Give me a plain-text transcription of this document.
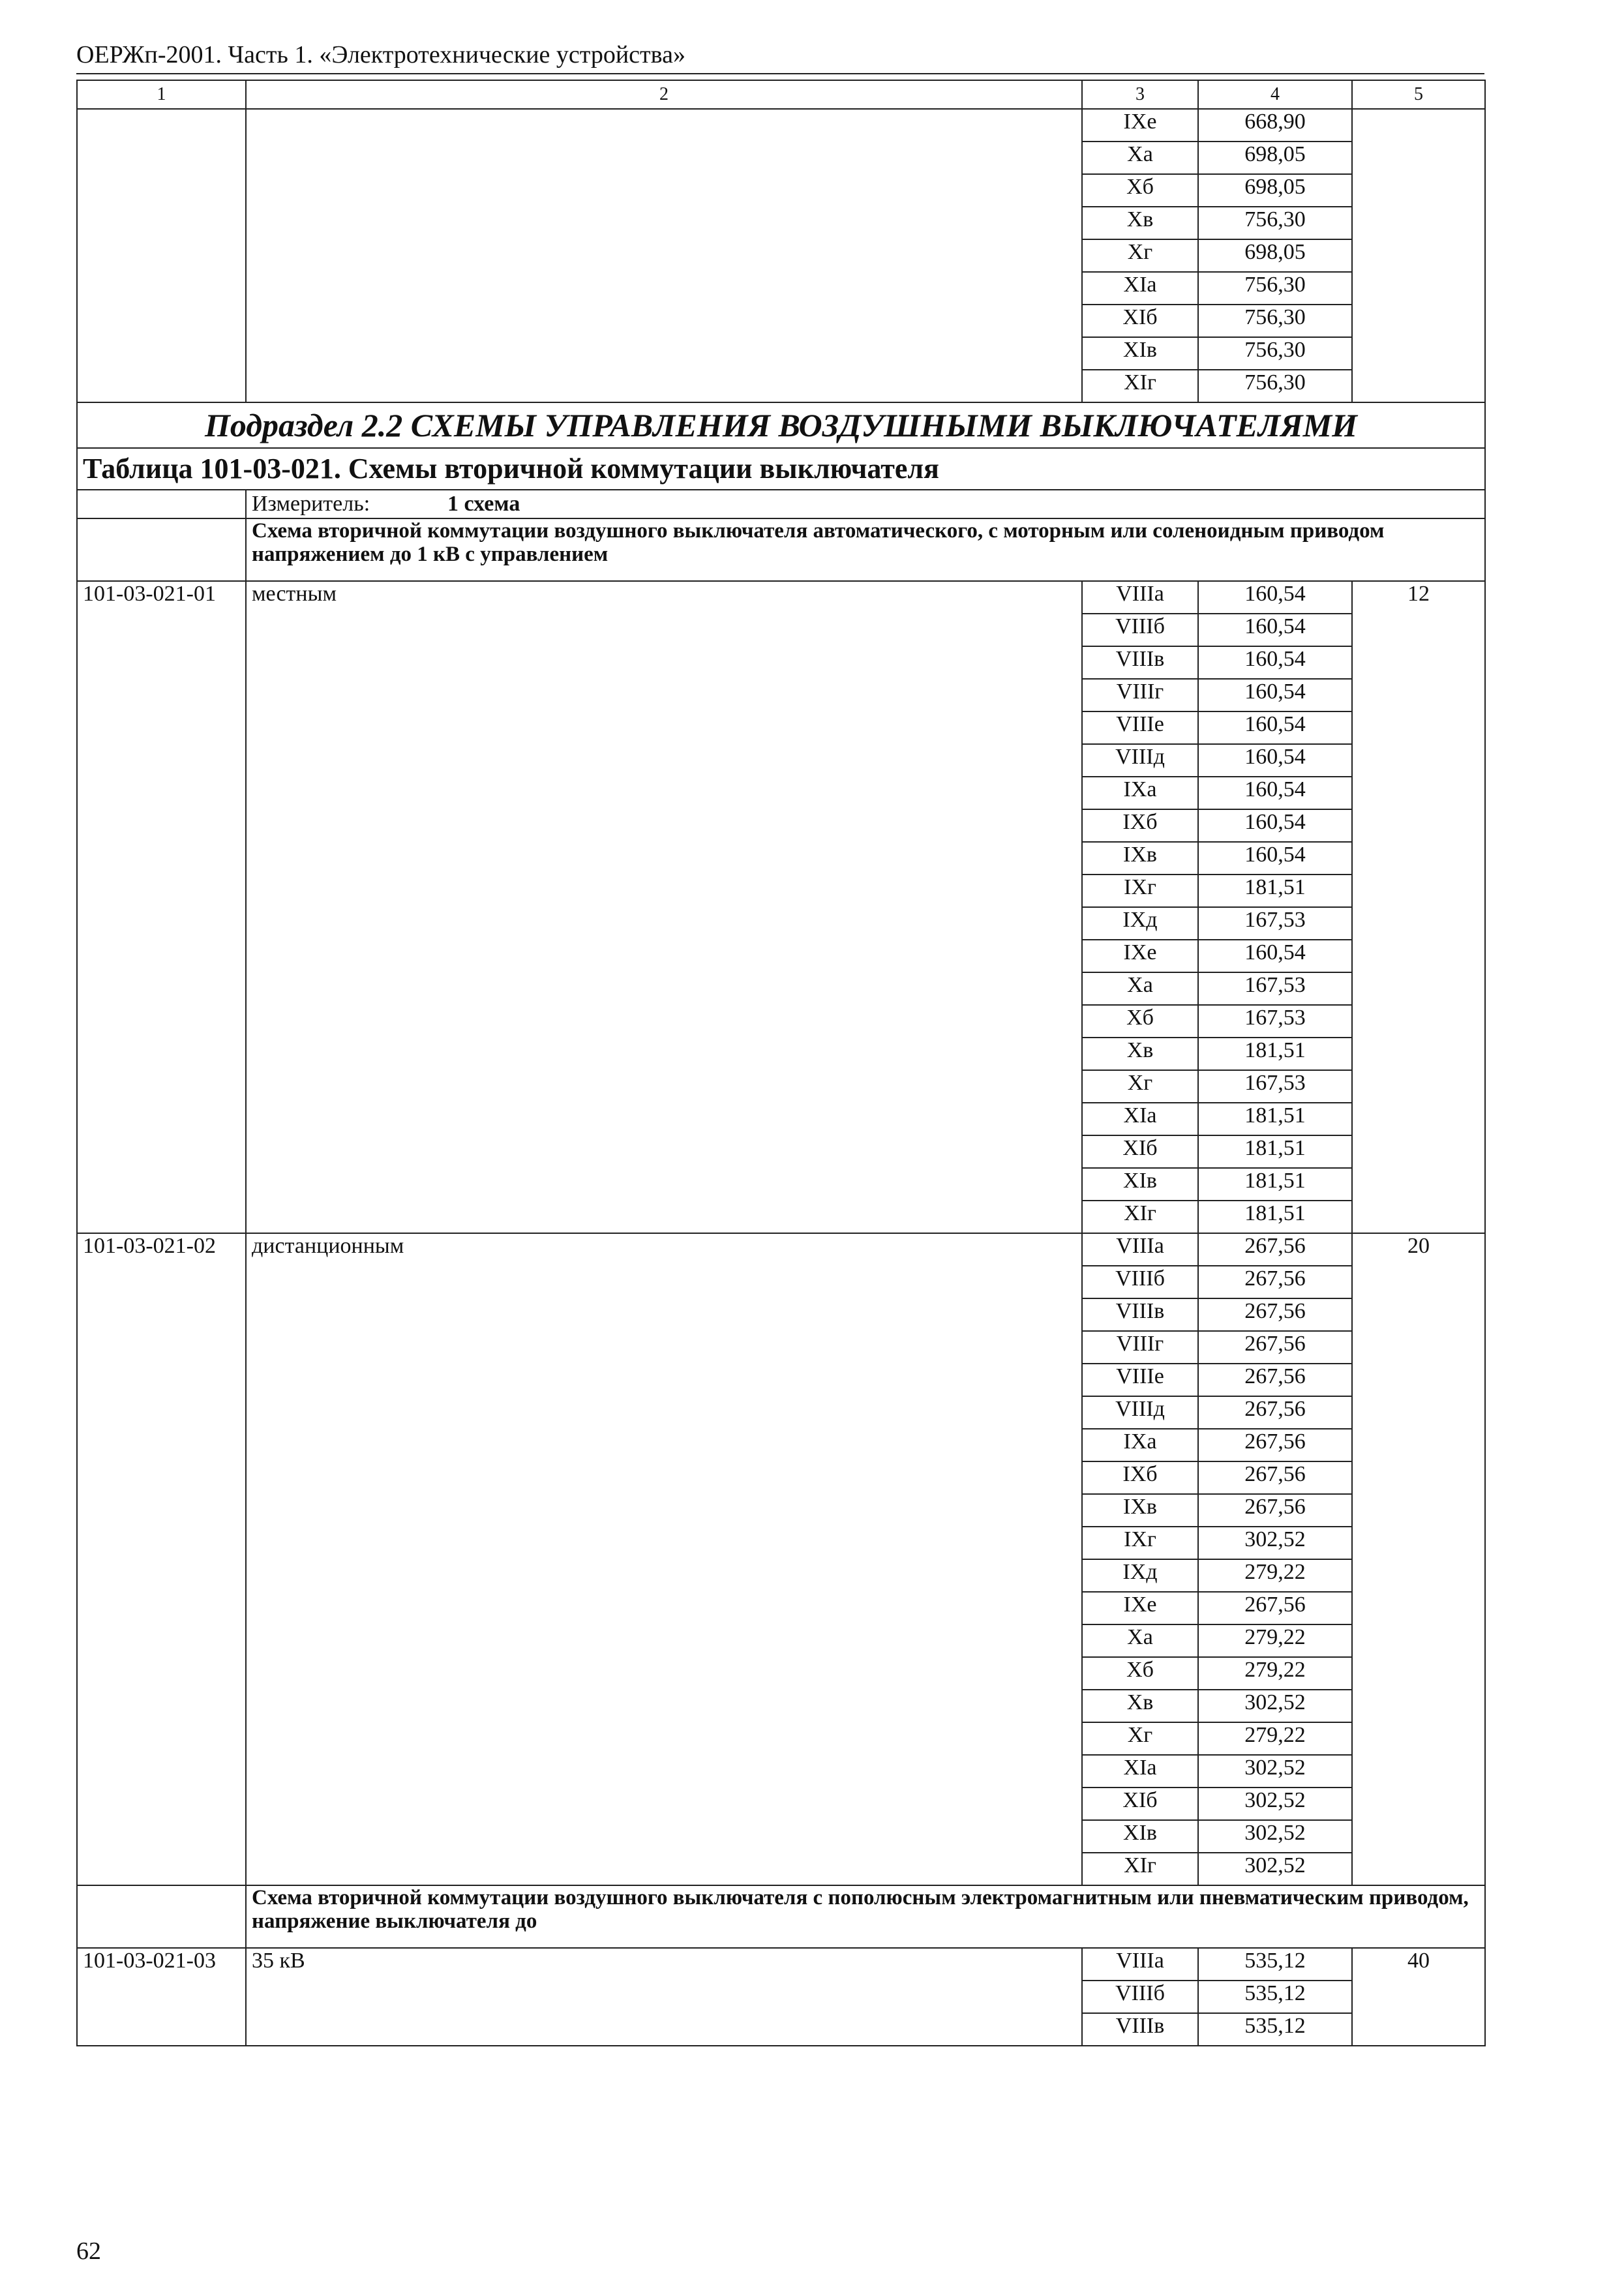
ОЕРЖп-2001. Часть 1. «Электротехнические устройства»
1	2	3	4	5
		IXе	668,90	
		Xа	698,05	
		Xб	698,05	
		Xв	756,30	
		Xг	698,05	
		XIа	756,30	
		XIб	756,30	
		XIв	756,30	
		XIг	756,30	
Подраздел 2.2 СХЕМЫ УПРАВЛЕНИЯ ВОЗДУШНЫМИ ВЫКЛЮЧАТЕЛЯМИ				
Таблица 101-03-021. Схемы вторичной коммутации выключателя				
	Измеритель: 1 схема			
	Схема вторичной коммутации воздушного выключателя автоматического, с моторным или соленоидным приводом напряжением до 1 кВ с управлением			
101-03-021-01	местным	VIIIа	160,54	12
		VIIIб	160,54	
		VIIIв	160,54	
		VIIIг	160,54	
		VIIIе	160,54	
		VIIIд	160,54	
		IXа	160,54	
		IXб	160,54	
		IXв	160,54	
		IXг	181,51	
		IXд	167,53	
		IXе	160,54	
		Xа	167,53	
		Xб	167,53	
		Xв	181,51	
		Xг	167,53	
		XIа	181,51	
		XIб	181,51	
		XIв	181,51	
		XIг	181,51	
101-03-021-02	дистанционным	VIIIа	267,56	20
		VIIIб	267,56	
		VIIIв	267,56	
		VIIIг	267,56	
		VIIIе	267,56	
		VIIIд	267,56	
		IXа	267,56	
		IXб	267,56	
		IXв	267,56	
		IXг	302,52	
		IXд	279,22	
		IXе	267,56	
		Xа	279,22	
		Xб	279,22	
		Xв	302,52	
		Xг	279,22	
		XIа	302,52	
		XIб	302,52	
		XIв	302,52	
		XIг	302,52	
	Схема вторичной коммутации воздушного выключателя с пополюсным электромагнитным или пневматическим приводом, напряжение выключателя до			
101-03-021-03	35 кВ	VIIIа	535,12	40
		VIIIб	535,12	
		VIIIв	535,12	
62
